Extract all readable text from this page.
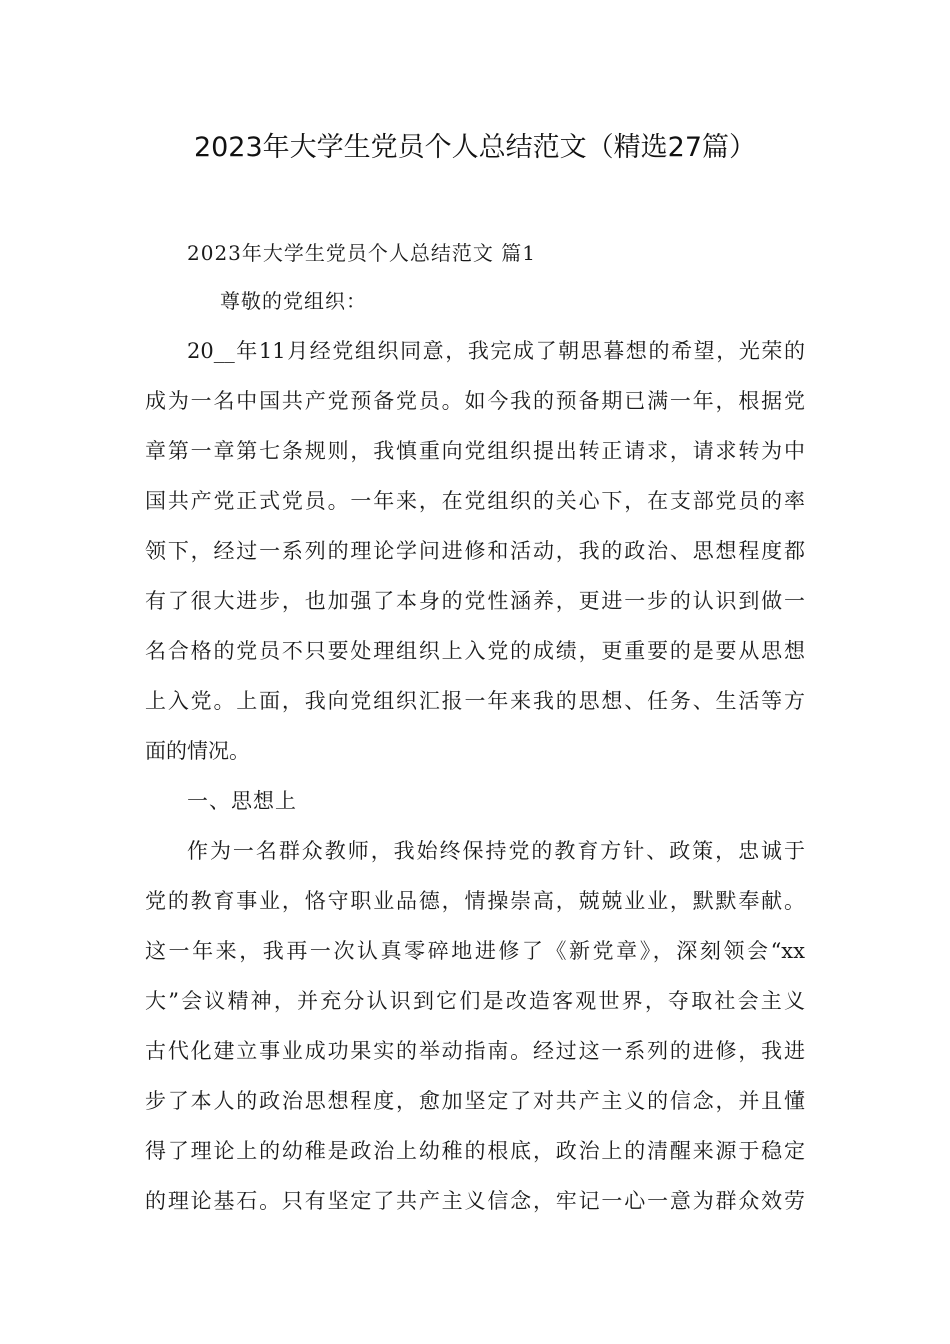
2023年大学生党员个人总结范文（精选27篇）
2023年大学生党员个人总结范文 篇1
尊敬的党组织：
20__年11月经党组织同意，我完成了朝思暮想的希望，光荣的
成为一名中国共产党预备党员。如今我的预备期已满一年，根据党
章第一章第七条规则，我慎重向党组织提出转正请求，请求转为中
国共产党正式党员。一年来，在党组织的关心下，在支部党员的率
领下，经过一系列的理论学问进修和活动，我的政治、思想程度都
有了很大进步，也加强了本身的党性涵养，更进一步的认识到做一
名合格的党员不只要处理组织上入党的成绩，更重要的是要从思想
上入党。上面，我向党组织汇报一年来我的思想、任务、生活等方
面的情况。
一、思想上
作为一名群众教师，我始终保持党的教育方针、政策，忠诚于
党的教育事业，恪守职业品德，情操崇高，兢兢业业，默默奉献。
这一年来，我再一次认真零碎地进修了《新党章》，深刻领会“xx
大”会议精神，并充分认识到它们是改造客观世界，夺取社会主义
古代化建立事业成功果实的举动指南。经过这一系列的进修，我进
步了本人的政治思想程度，愈加坚定了对共产主义的信念，并且懂
得了理论上的幼稚是政治上幼稚的根底，政治上的清醒来源于稳定
的理论基石。只有坚定了共产主义信念，牢记一心一意为群众效劳
